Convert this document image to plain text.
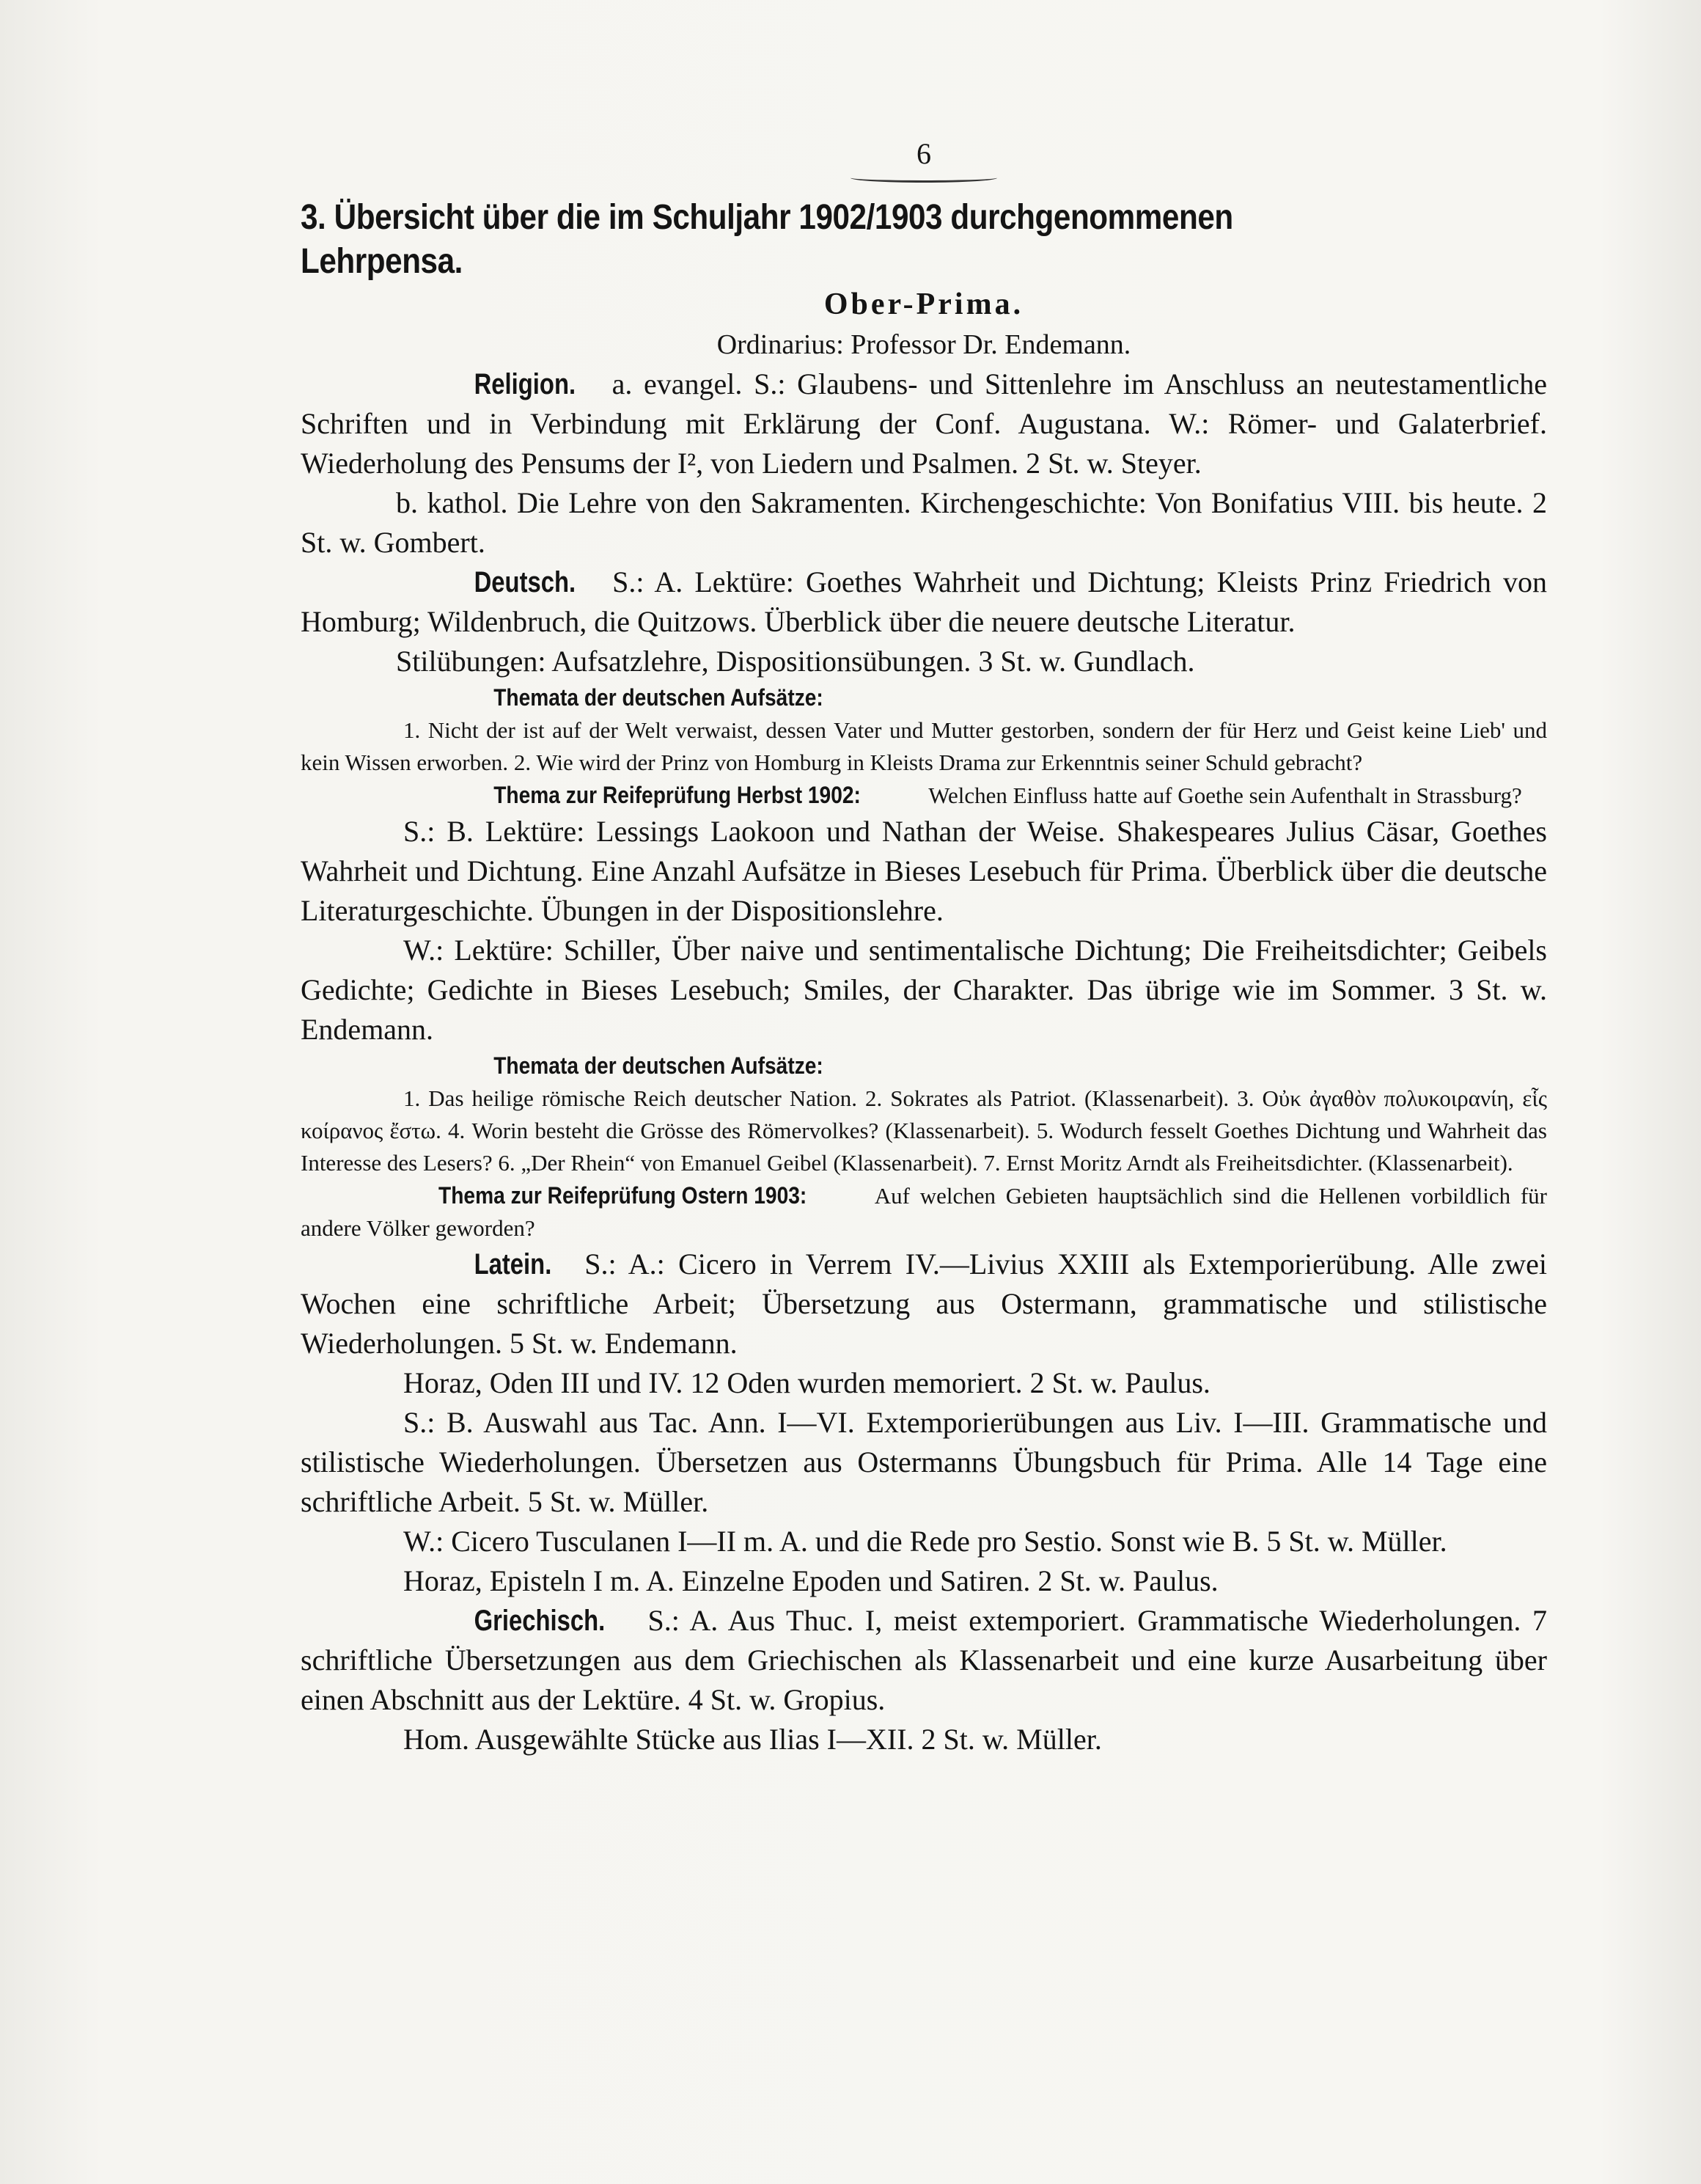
6
3. Übersicht über die im Schuljahr 1902/1903 durchgenommenen Lehrpensa.
Ober-Prima.
Ordinarius: Professor Dr. Endemann.

Religion. a. evangel. S.: Glaubens- und Sittenlehre im Anschluss an neutestamentliche Schriften und in Verbindung mit Erklärung der Conf. Augustana. W.: Römer- und Galaterbrief. Wiederholung des Pensums der I², von Liedern und Psalmen. 2 St. w. Steyer.

b. kathol. Die Lehre von den Sakramenten. Kirchengeschichte: Von Bonifatius VIII. bis heute. 2 St. w. Gombert.

Deutsch. S.: A. Lektüre: Goethes Wahrheit und Dichtung; Kleists Prinz Friedrich von Homburg; Wildenbruch, die Quitzows. Überblick über die neuere deutsche Literatur.

Stilübungen: Aufsatzlehre, Dispositionsübungen. 3 St. w. Gundlach.

Themata der deutschen Aufsätze:

1. Nicht der ist auf der Welt verwaist, dessen Vater und Mutter gestorben, sondern der für Herz und Geist keine Lieb' und kein Wissen erworben. 2. Wie wird der Prinz von Homburg in Kleists Drama zur Erkenntnis seiner Schuld gebracht?

Thema zur Reifeprüfung Herbst 1902:	Welchen Einfluss hatte auf Goethe sein Aufenthalt in Strassburg?

S.: B. Lektüre: Lessings Laokoon und Nathan der Weise. Shakespeares Julius Cäsar, Goethes Wahrheit und Dichtung. Eine Anzahl Aufsätze in Bieses Lesebuch für Prima. Überblick über die deutsche Literaturgeschichte. Übungen in der Dispositionslehre.

W.: Lektüre: Schiller, Über naive und sentimentalische Dichtung; Die Freiheitsdichter; Geibels Gedichte; Gedichte in Bieses Lesebuch; Smiles, der Charakter. Das übrige wie im Sommer. 3 St. w. Endemann.

Themata der deutschen Aufsätze:

1. Das heilige römische Reich deutscher Nation. 2. Sokrates als Patriot. (Klassenarbeit). 3. Οὐκ ἀγαθὸν πολυκοιρανίη, εἷς κοίρανος ἔστω. 4. Worin besteht die Grösse des Römervolkes? (Klassenarbeit). 5. Wodurch fesselt Goethes Dichtung und Wahrheit das Interesse des Lesers? 6. „Der Rhein“ von Emanuel Geibel (Klassenarbeit). 7. Ernst Moritz Arndt als Freiheitsdichter. (Klassenarbeit).

Thema zur Reifeprüfung Ostern 1903:	Auf welchen Gebieten hauptsächlich sind die Hellenen vorbildlich für andere Völker geworden?

Latein. S.: A.: Cicero in Verrem IV.—Livius XXIII als Extemporierübung. Alle zwei Wochen eine schriftliche Arbeit; Übersetzung aus Ostermann, grammatische und stilistische Wiederholungen. 5 St. w. Endemann.

Horaz, Oden III und IV. 12 Oden wurden memoriert. 2 St. w. Paulus.

S.: B. Auswahl aus Tac. Ann. I—VI. Extemporierübungen aus Liv. I—III. Grammatische und stilistische Wiederholungen. Übersetzen aus Ostermanns Übungsbuch für Prima. Alle 14 Tage eine schriftliche Arbeit. 5 St. w. Müller.

W.: Cicero Tusculanen I—II m. A. und die Rede pro Sestio. Sonst wie B. 5 St. w. Müller.

Horaz, Episteln I m. A. Einzelne Epoden und Satiren. 2 St. w. Paulus.

Griechisch. S.: A. Aus Thuc. I, meist extemporiert. Grammatische Wiederholungen. 7 schriftliche Übersetzungen aus dem Griechischen als Klassenarbeit und eine kurze Ausarbeitung über einen Abschnitt aus der Lektüre. 4 St. w. Gropius.

Hom. Ausgewählte Stücke aus Ilias I—XII. 2 St. w. Müller.
